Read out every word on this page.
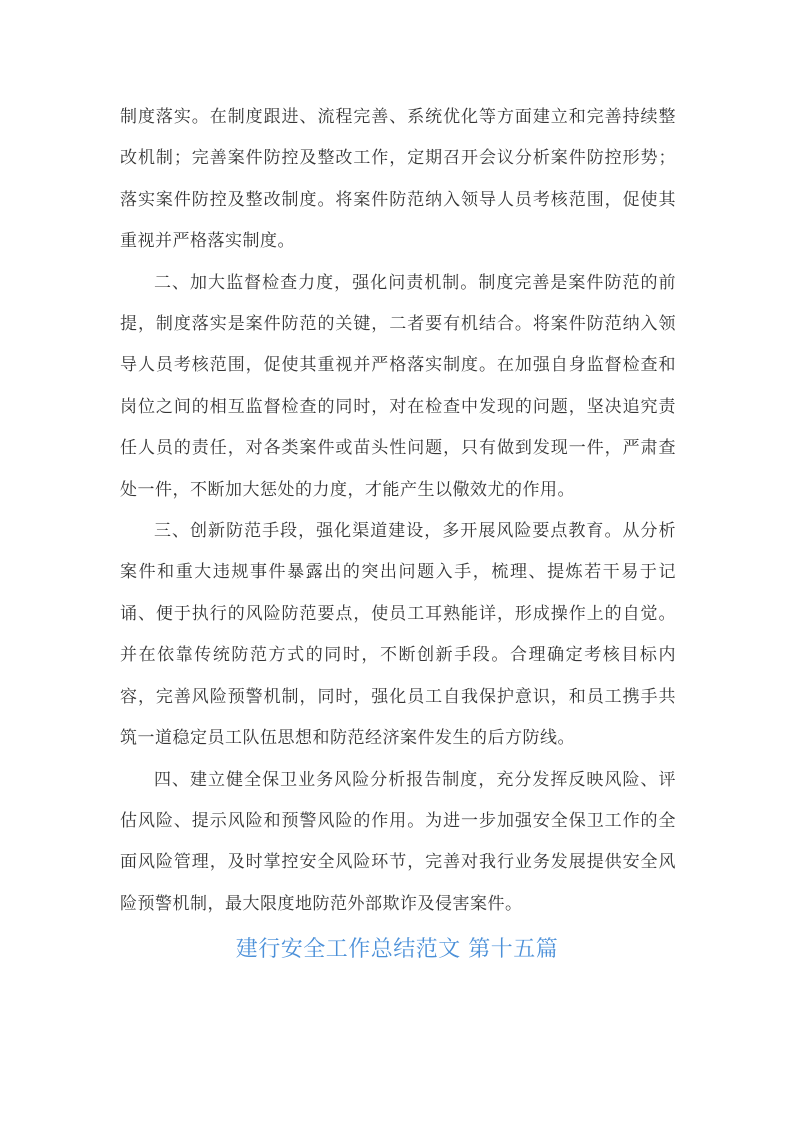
制度落实。在制度跟进、流程完善、系统优化等方面建立和完善持续整改机制；完善案件防控及整改工作，定期召开会议分析案件防控形势；落实案件防控及整改制度。将案件防范纳入领导人员考核范围，促使其重视并严格落实制度。

二、加大监督检查力度，强化问责机制。制度完善是案件防范的前提，制度落实是案件防范的关键，二者要有机结合。将案件防范纳入领导人员考核范围，促使其重视并严格落实制度。在加强自身监督检查和岗位之间的相互监督检查的同时，对在检查中发现的问题，坚决追究责任人员的责任，对各类案件或苗头性问题，只有做到发现一件，严肃查处一件，不断加大惩处的力度，才能产生以儆效尤的作用。

三、创新防范手段，强化渠道建设，多开展风险要点教育。从分析案件和重大违规事件暴露出的突出问题入手，梳理、提炼若干易于记诵、便于执行的风险防范要点，使员工耳熟能详，形成操作上的自觉。并在依靠传统防范方式的同时，不断创新手段。合理确定考核目标内容，完善风险预警机制，同时，强化员工自我保护意识，和员工携手共筑一道稳定员工队伍思想和防范经济案件发生的后方防线。

四、建立健全保卫业务风险分析报告制度，充分发挥反映风险、评估风险、提示风险和预警风险的作用。为进一步加强安全保卫工作的全面风险管理，及时掌控安全风险环节，完善对我行业务发展提供安全风险预警机制，最大限度地防范外部欺诈及侵害案件。

建行安全工作总结范文 第十五篇
